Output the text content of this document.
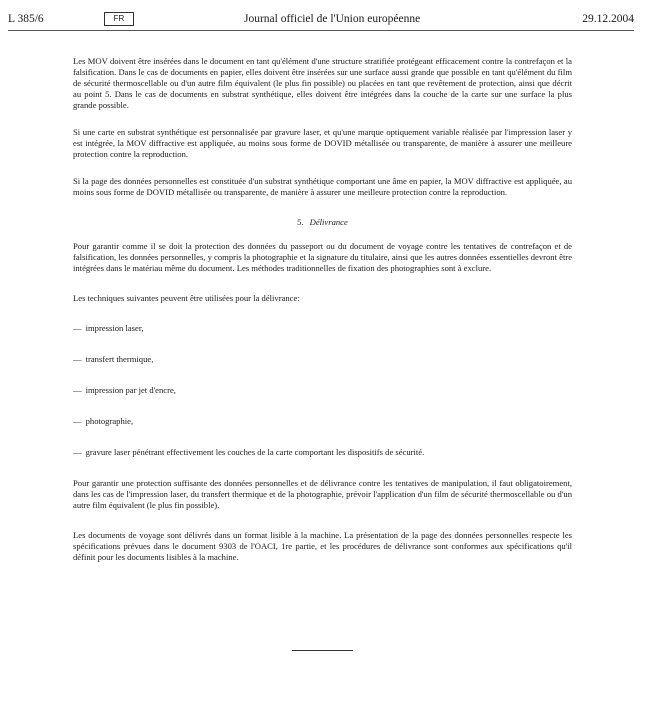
L 385/6	FR	Journal officiel de l'Union européenne	29.12.2004

Les MOV doivent être insérées dans le document en tant qu'élément d'une structure stratifiée protégeant efficacement contre la contrefaçon et la falsification. Dans le cas de documents en papier, elles doivent être insérées sur une surface aussi grande que possible en tant qu'élément du film de sécurité thermoscellable ou d'un autre film équivalent (le plus fin possible) ou placées en tant que revêtement de protection, ainsi que décrit au point 5. Dans le cas de documents en substrat synthétique, elles doivent être intégrées dans la couche de la carte sur une surface la plus grande possible.

Si une carte en substrat synthétique est personnalisée par gravure laser, et qu'une marque optiquement variable réalisée par l'impression laser y est intégrée, la MOV diffractive est appliquée, au moins sous forme de DOVID métallisée ou transparente, de manière à assurer une meilleure protection contre la reproduction.

Si la page des données personnelles est constituée d'un substrat synthétique comportant une âme en papier, la MOV diffractive est appliquée, au moins sous forme de DOVID métallisée ou transparente, de manière à assurer une meilleure protection contre la reproduction.

5. Délivrance

Pour garantir comme il se doit la protection des données du passeport ou du document de voyage contre les tentatives de contrefaçon et de falsification, les données personnelles, y compris la photographie et la signature du titulaire, ainsi que les autres données essentielles devront être intégrées dans le matériau même du document. Les méthodes traditionnelles de fixation des photographies sont à exclure.

Les techniques suivantes peuvent être utilisées pour la délivrance:

— impression laser,

— transfert thermique,

— impression par jet d'encre,

— photographie,

— gravure laser pénétrant effectivement les couches de la carte comportant les dispositifs de sécurité.

Pour garantir une protection suffisante des données personnelles et de délivrance contre les tentatives de manipulation, il faut obligatoirement, dans les cas de l'impression laser, du transfert thermique et de la photographie, prévoir l'application d'un film de sécurité thermoscellable ou d'un autre film équivalent (le plus fin possible).

Les documents de voyage sont délivrés dans un format lisible à la machine. La présentation de la page des données personnelles respecte les spécifications prévues dans le document 9303 de l'OACI, 1re partie, et les procédures de délivrance sont conformes aux spécifications qu'il définit pour les documents lisibles à la machine.
